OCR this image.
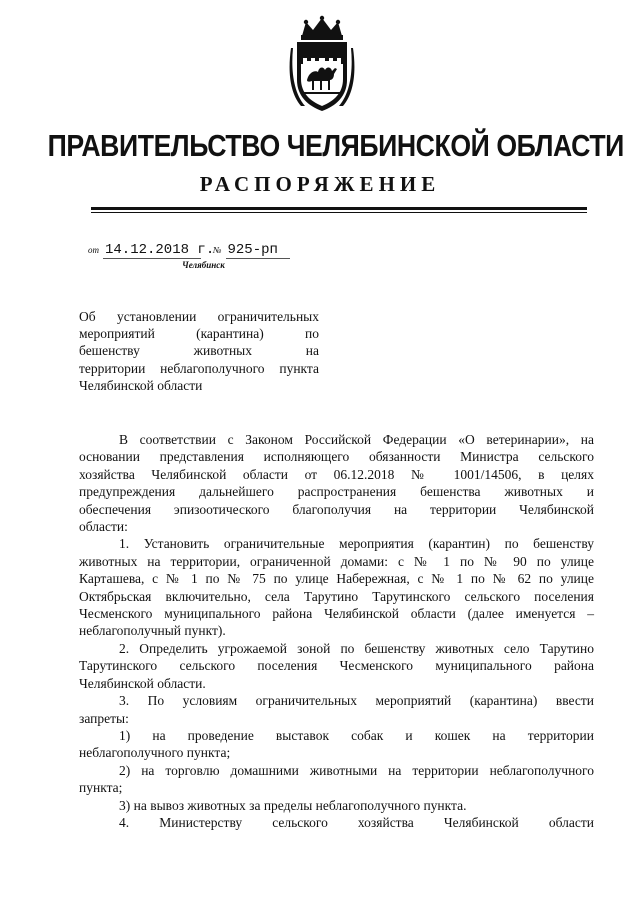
ПРАВИТЕЛЬСТВО ЧЕЛЯБИНСКОЙ ОБЛАСТИ
РАСПОРЯЖЕНИЕ
от 14.12.2018 г. № 925-рп
Челябинск
Об установлении ограничительных
мероприятий (карантина) по
бешенству животных на
территории неблагополучного пункта
Челябинской области
В соответствии с Законом Российской Федерации «О ветеринарии», на
основании представления исполняющего обязанности Министра сельского
хозяйства Челябинской области от 06.12.2018 № 1001/14506, в целях
предупреждения дальнейшего распространения бешенства животных и
обеспечения эпизоотического благополучия на территории Челябинской
области:
1. Установить ограничительные мероприятия (карантин) по бешенству
животных на территории, ограниченной домами: с № 1 по № 90 по улице
Карташева, с № 1 по № 75 по улице Набережная, с № 1 по № 62 по улице
Октябрьская включительно, села Тарутино Тарутинского сельского поселения
Чесменского муниципального района Челябинской области (далее именуется –
неблагополучный пункт).
2. Определить угрожаемой зоной по бешенству животных село Тарутино
Тарутинского сельского поселения Чесменского муниципального района
Челябинской области.
3. По условиям ограничительных мероприятий (карантина) ввести
запреты:
1) на проведение выставок собак и кошек на территории
неблагополучного пункта;
2) на торговлю домашними животными на территории неблагополучного
пункта;
3) на вывоз животных за пределы неблагополучного пункта.
4. Министерству сельского хозяйства Челябинской области
